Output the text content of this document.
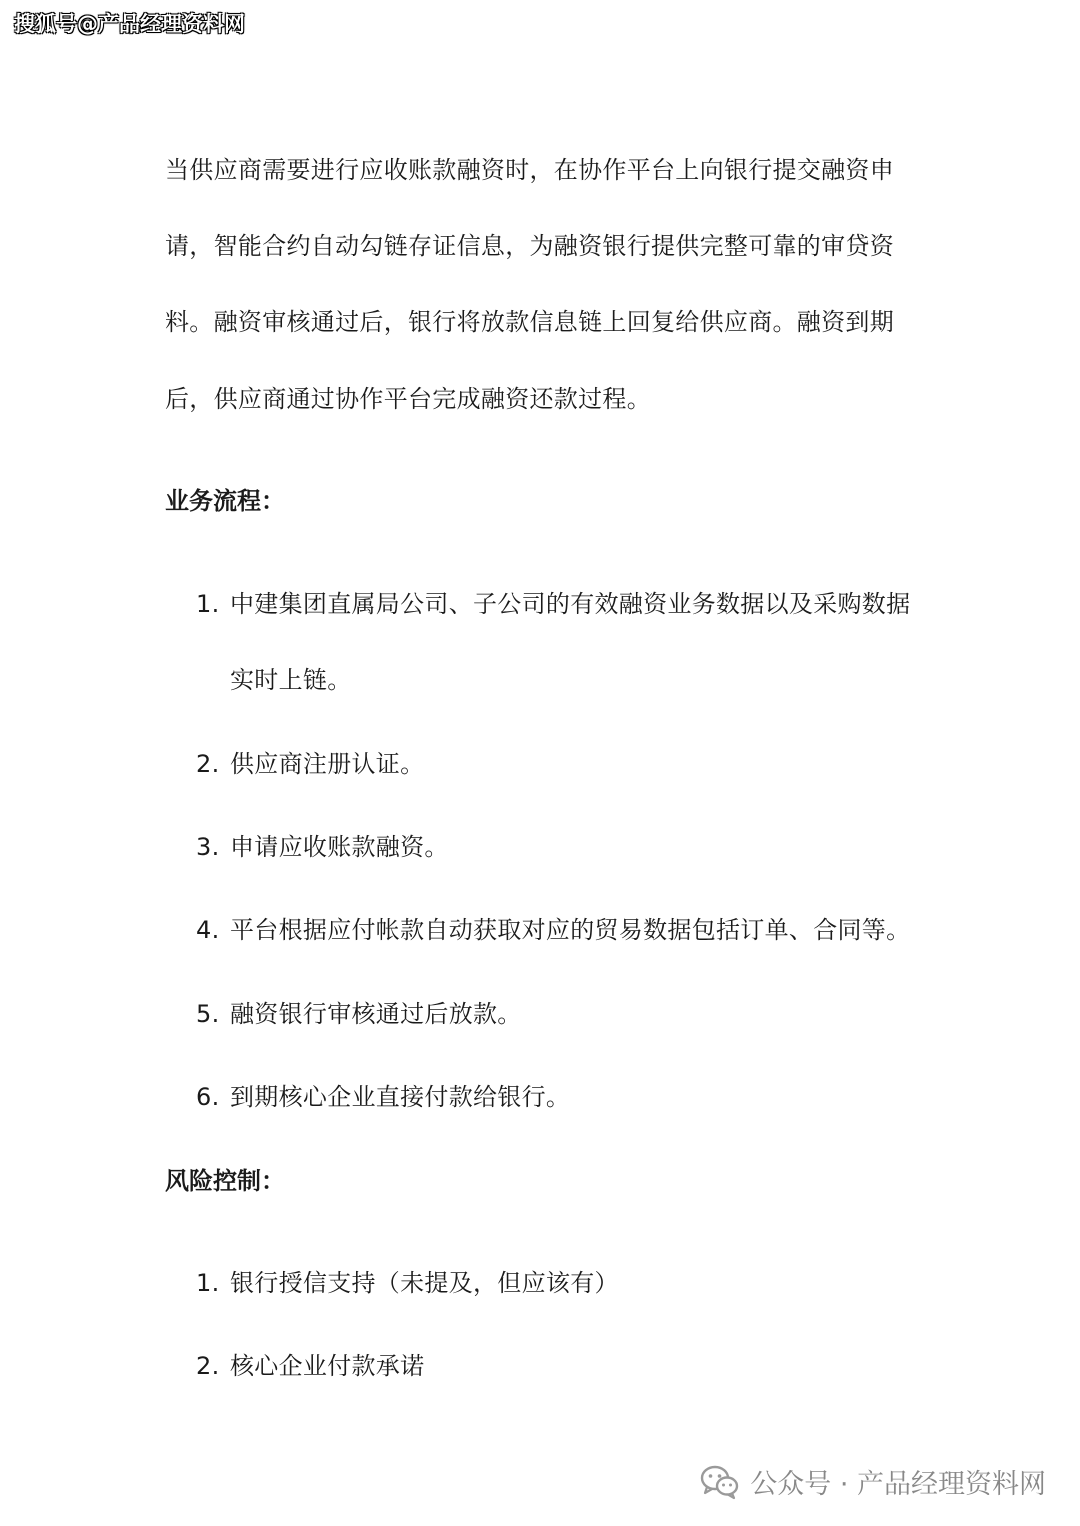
搜狐号@产品经理资料网
当供应商需要进行应收账款融资时，在协作平台上向银行提交融资申
请，智能合约自动勾链存证信息，为融资银行提供完整可靠的审贷资
料。融资审核通过后，银行将放款信息链上回复给供应商。融资到期
后，供应商通过协作平台完成融资还款过程。
业务流程：
1. 中建集团直属局公司、子公司的有效融资业务数据以及采购数据
实时上链。
2. 供应商注册认证。
3. 申请应收账款融资。
4. 平台根据应付帐款自动获取对应的贸易数据包括订单、合同等。
5. 融资银行审核通过后放款。
6. 到期核心企业直接付款给银行。
风险控制：
1. 银行授信支持（未提及，但应该有）
2. 核心企业付款承诺
公众号 · 产品经理资料网
